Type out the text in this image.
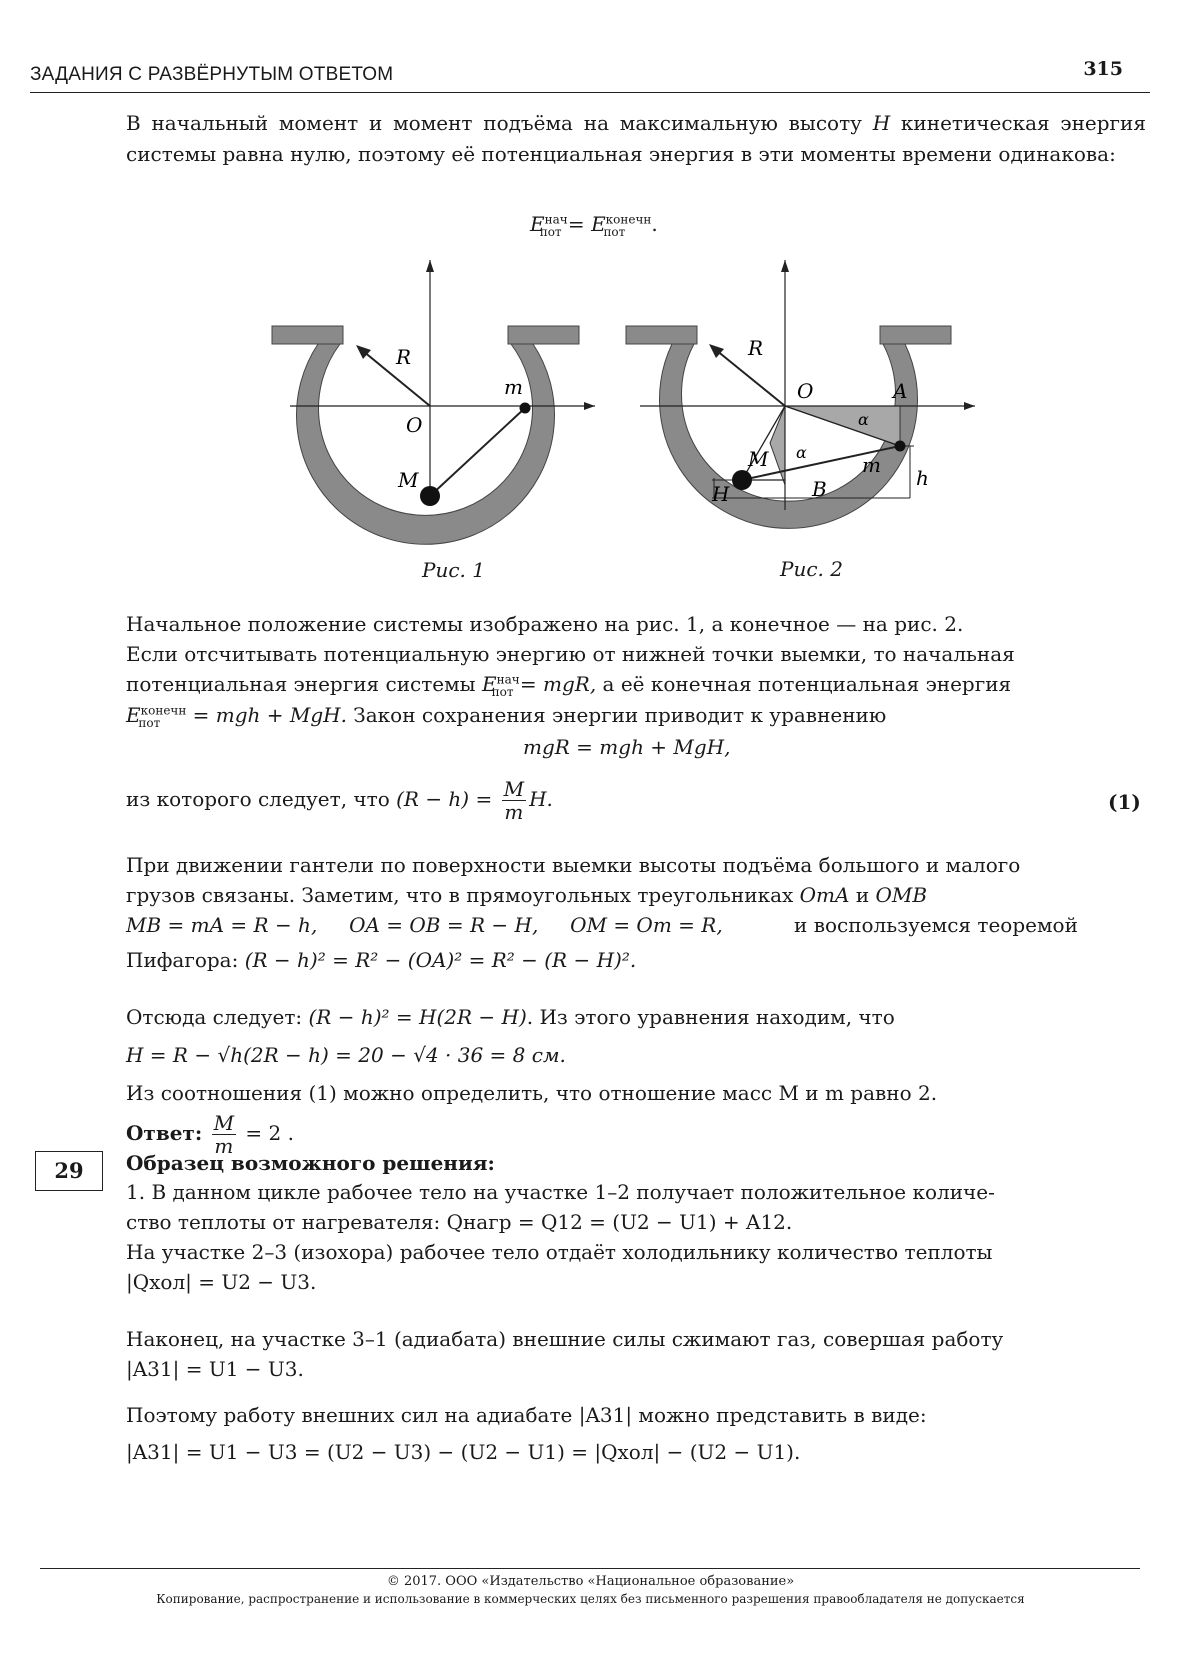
ЗАДАНИЯ С РАЗВЁРНУТЫМ ОТВЕТОМ	315
В начальный момент и момент подъёма на максимальную высоту H кинетическая энергия системы равна нулю, поэтому её потенциальная энергия в эти моменты времени одинакова:
$E^{нач}_{пот} = E^{конечн}_{пот}$ .
R
O
m
M
R
O	A
α
α
M	m
H	B	h
Рис. 1	Рис. 2
Начальное положение системы изображено на рис. 1, а конечное — на рис. 2.
Если отсчитывать потенциальную энергию от нижней точки выемки, то начальная
потенциальная энергия системы $E^{нач}_{пот}$ = mgR, а её конечная потенциальная энергия
$E^{конечн}_{пот}$ = mgh + MgH. Закон сохранения энергии приводит к уравнению
mgR = mgh + MgH,
из которого следует, что $(R - h) = \frac{M}{m} H$.	(1)
При движении гантели по поверхности выемки высоты подъёма большого и малого
грузов связаны. Заметим, что в прямоугольных треугольниках OmA и OMB
MB = mA = R − h,     OA = OB = R − H,     OM = Om = R,	и воспользуемся теоремой
Пифагора: (R − h)² = R² − (OA)² = R² − (R − H)².
Отсюда следует: (R − h)² = H(2R − H). Из этого уравнения находим, что
H = R − √h(2R − h) = 20 − √4 · 36 = 8 см.
Из соотношения (1) можно определить, что отношение масс M и m равно 2.
Ответ: $\frac{M}{m} = 2$ .
29	Образец возможного решения:
1. В данном цикле рабочее тело на участке 1–2 получает положительное количе-
ство теплоты от нагревателя: Qнагр = Q12 = (U2 − U1) + A12.
На участке 2–3 (изохора) рабочее тело отдаёт холодильнику количество теплоты
|Qхол| = U2 − U3.
Наконец, на участке 3–1 (адиабата) внешние силы сжимают газ, совершая работу
|A31| = U1 − U3.
Поэтому работу внешних сил на адиабате |A31| можно представить в виде:
|A31| = U1 − U3 = (U2 − U3) − (U2 − U1) = |Qхол| − (U2 − U1).
© 2017. ООО «Издательство «Национальное образование»
Копирование, распространение и использование в коммерческих целях без письменного разрешения правообладателя не допускается
